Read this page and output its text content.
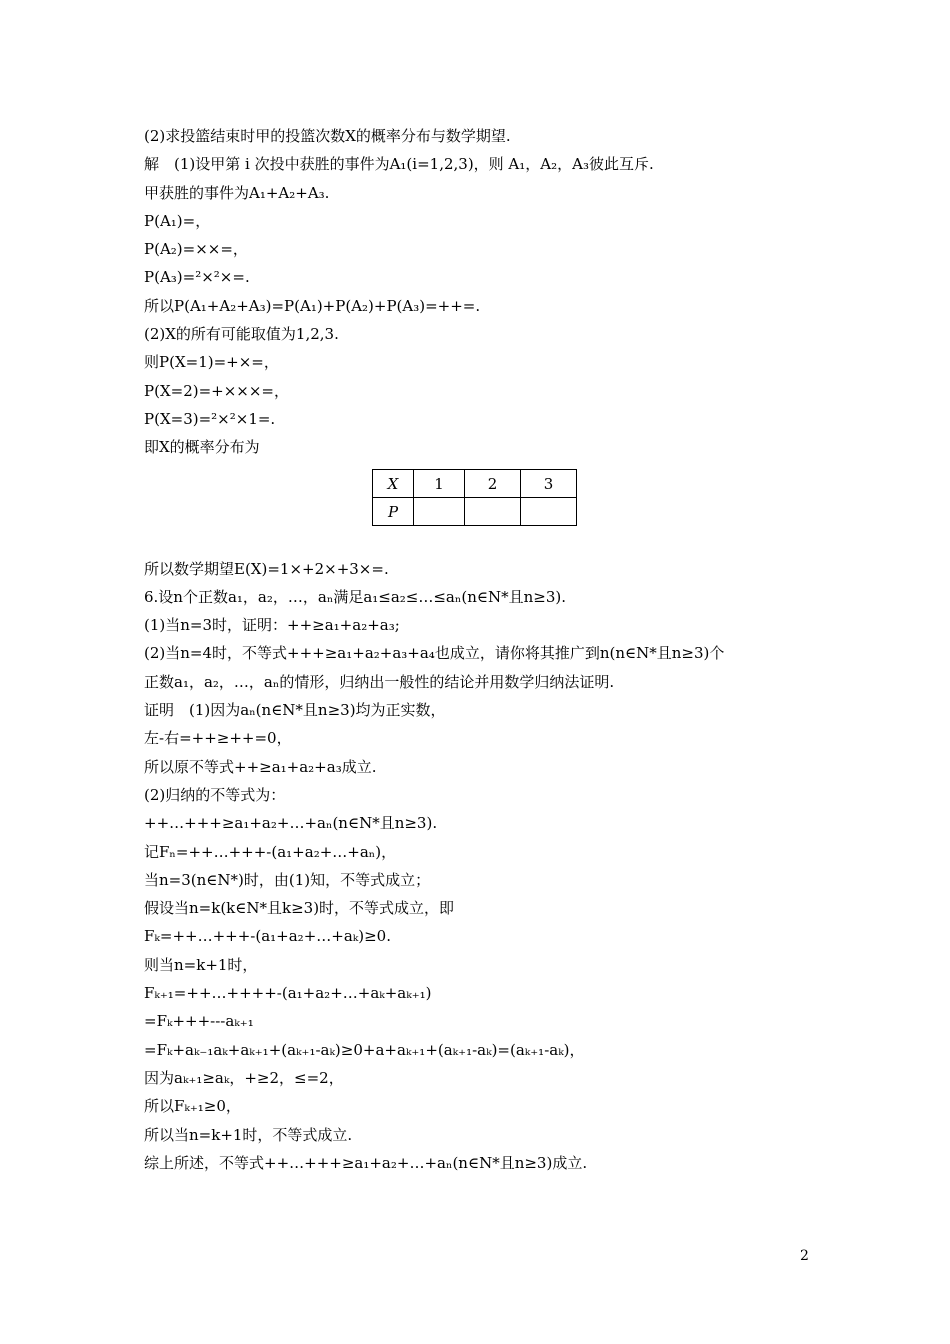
(2)求投篮结束时甲的投篮次数X的概率分布与数学期望.
解　(1)设甲第 i 次投中获胜的事件为A₁(i=1,2,3)，则 A₁，A₂，A₃彼此互斥.
甲获胜的事件为A₁+A₂+A₃.
P(A₁)=，
P(A₂)=××=，
P(A₃)=²×²×=.
所以P(A₁+A₂+A₃)=P(A₁)+P(A₂)+P(A₃)=++=.
(2)X的所有可能取值为1,2,3.
则P(X=1)=+×=，
P(X=2)=+×××=，
P(X=3)=²×²×1=.
即X的概率分布为
所以数学期望E(X)=1×+2×+3×=.
6.设n个正数a₁，a₂，…，aₙ满足a₁≤a₂≤…≤aₙ(n∈N*且n≥3).
(1)当n=3时，证明：++≥a₁+a₂+a₃;
(2)当n=4时，不等式+++≥a₁+a₂+a₃+a₄也成立，请你将其推广到n(n∈N*且n≥3)个
正数a₁，a₂，…，aₙ的情形，归纳出一般性的结论并用数学归纳法证明.
证明　(1)因为aₙ(n∈N*且n≥3)均为正实数，
左-右=++≥++=0，
所以原不等式++≥a₁+a₂+a₃成立.
(2)归纳的不等式为：
++…+++≥a₁+a₂+…+aₙ(n∈N*且n≥3).
记Fₙ=++…+++-(a₁+a₂+…+aₙ)，
当n=3(n∈N*)时，由(1)知，不等式成立；
假设当n=k(k∈N*且k≥3)时，不等式成立，即
Fₖ=++…+++-(a₁+a₂+…+aₖ)≥0.
则当n=k+1时，
Fₖ₊₁=++…++++-(a₁+a₂+…+aₖ+aₖ₊₁)
=Fₖ+++---aₖ₊₁
=Fₖ+aₖ₋₁aₖ+aₖ₊₁+(aₖ₊₁-aₖ)≥0+a+aₖ₊₁+(aₖ₊₁-aₖ)=(aₖ₊₁-aₖ)，
因为aₖ₊₁≥aₖ，+≥2，≤=2，
所以Fₖ₊₁≥0，
所以当n=k+1时，不等式成立.
综上所述，不等式++…+++≥a₁+a₂+…+aₙ(n∈N*且n≥3)成立.
X	1	2	3
P			
2
